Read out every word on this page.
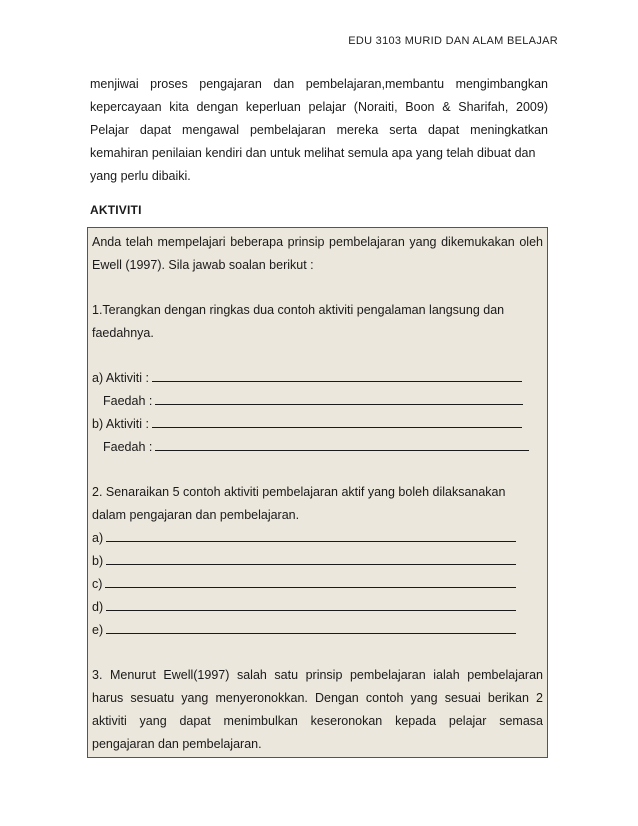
EDU 3103 MURID DAN ALAM BELAJAR

menjiwai proses pengajaran dan pembelajaran,membantu mengimbangkan

kepercayaan kita dengan keperluan pelajar (Noraiti, Boon & Sharifah, 2009)

Pelajar dapat mengawal pembelajaran mereka serta dapat meningkatkan

kemahiran penilaian kendiri dan untuk melihat semula apa yang telah dibuat dan

yang perlu dibaiki.

AKTIVITI

Anda telah mempelajari beberapa prinsip pembelajaran yang dikemukakan oleh

Ewell (1997). Sila jawab soalan berikut :

1.Terangkan dengan ringkas dua contoh aktiviti pengalaman langsung dan

faedahnya.

a) Aktiviti :
Faedah :
b) Aktiviti :
Faedah :

2. Senaraikan 5 contoh aktiviti pembelajaran aktif yang boleh dilaksanakan

dalam pengajaran dan pembelajaran.

a)
b)
c)
d)
e)

3. Menurut Ewell(1997) salah satu prinsip pembelajaran ialah pembelajaran

harus sesuatu yang menyeronokkan. Dengan contoh yang sesuai berikan 2

aktiviti yang dapat menimbulkan keseronokan kepada pelajar semasa

pengajaran dan pembelajaran.
